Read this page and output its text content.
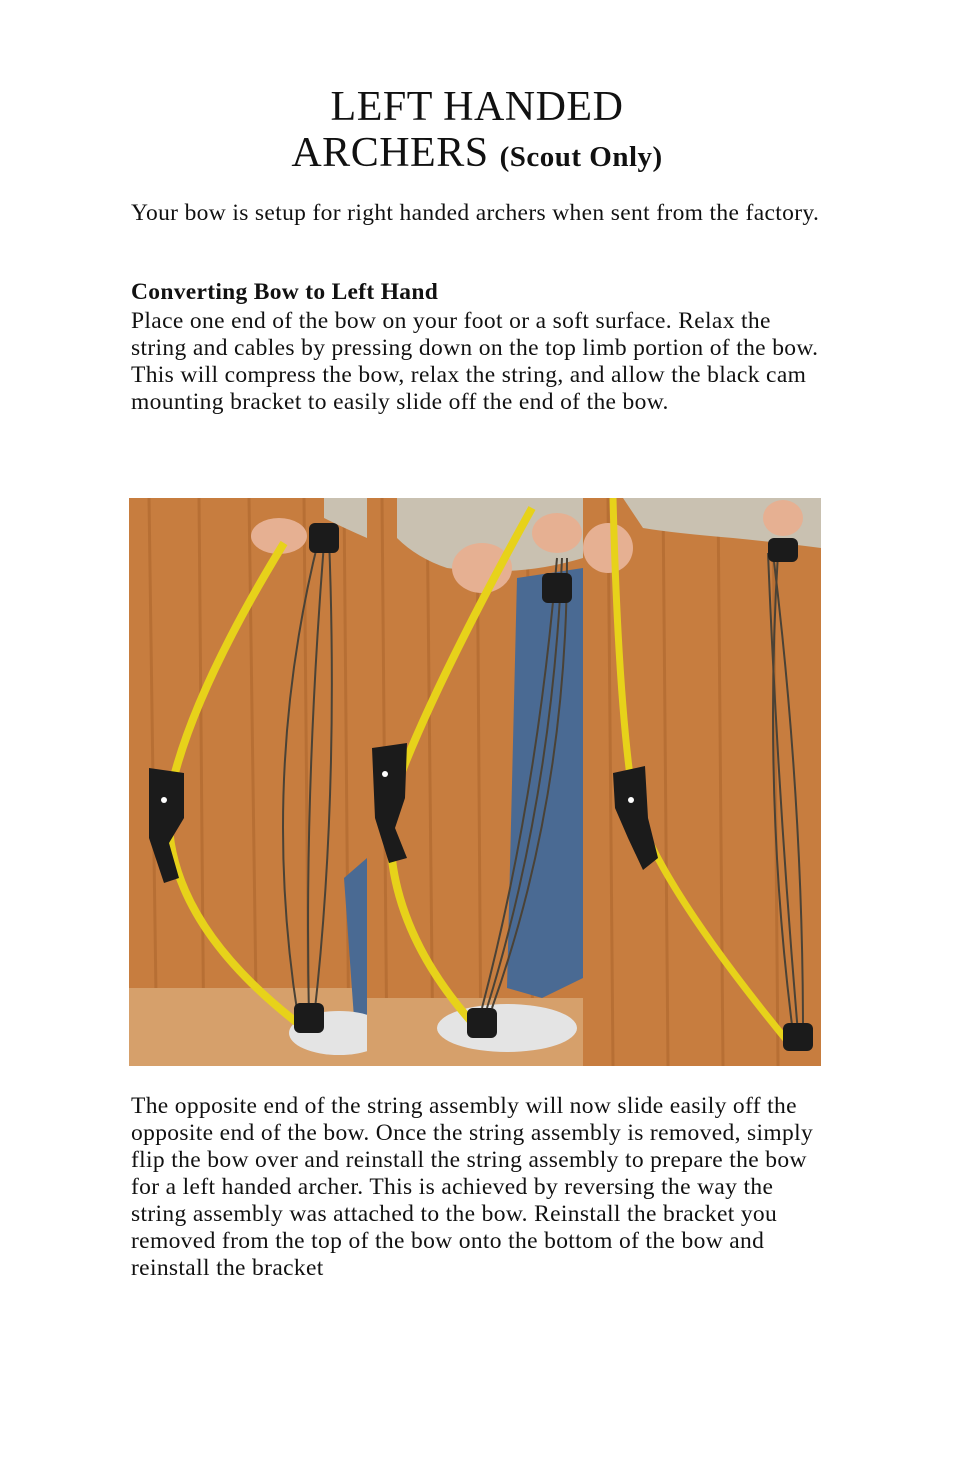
LEFT HANDED
ARCHERS (Scout Only)
Your bow is setup for right handed archers when sent from the factory.
Converting Bow to Left Hand
Place one end of the bow on your foot or a soft surface. Relax the string and cables by pressing down on the top limb portion of the bow. This will compress the bow, relax the string, and allow the black cam mounting bracket to easily slide off the end of the bow.
The opposite end of the string assembly will now slide easily off the opposite end of the bow. Once the string assembly is removed, simply flip the bow over and reinstall the string assembly to prepare the bow for a left handed archer. This is achieved by reversing the way the string assembly was attached to the bow. Reinstall the bracket you removed from the top of the bow onto the bottom of the bow and reinstall the bracket
